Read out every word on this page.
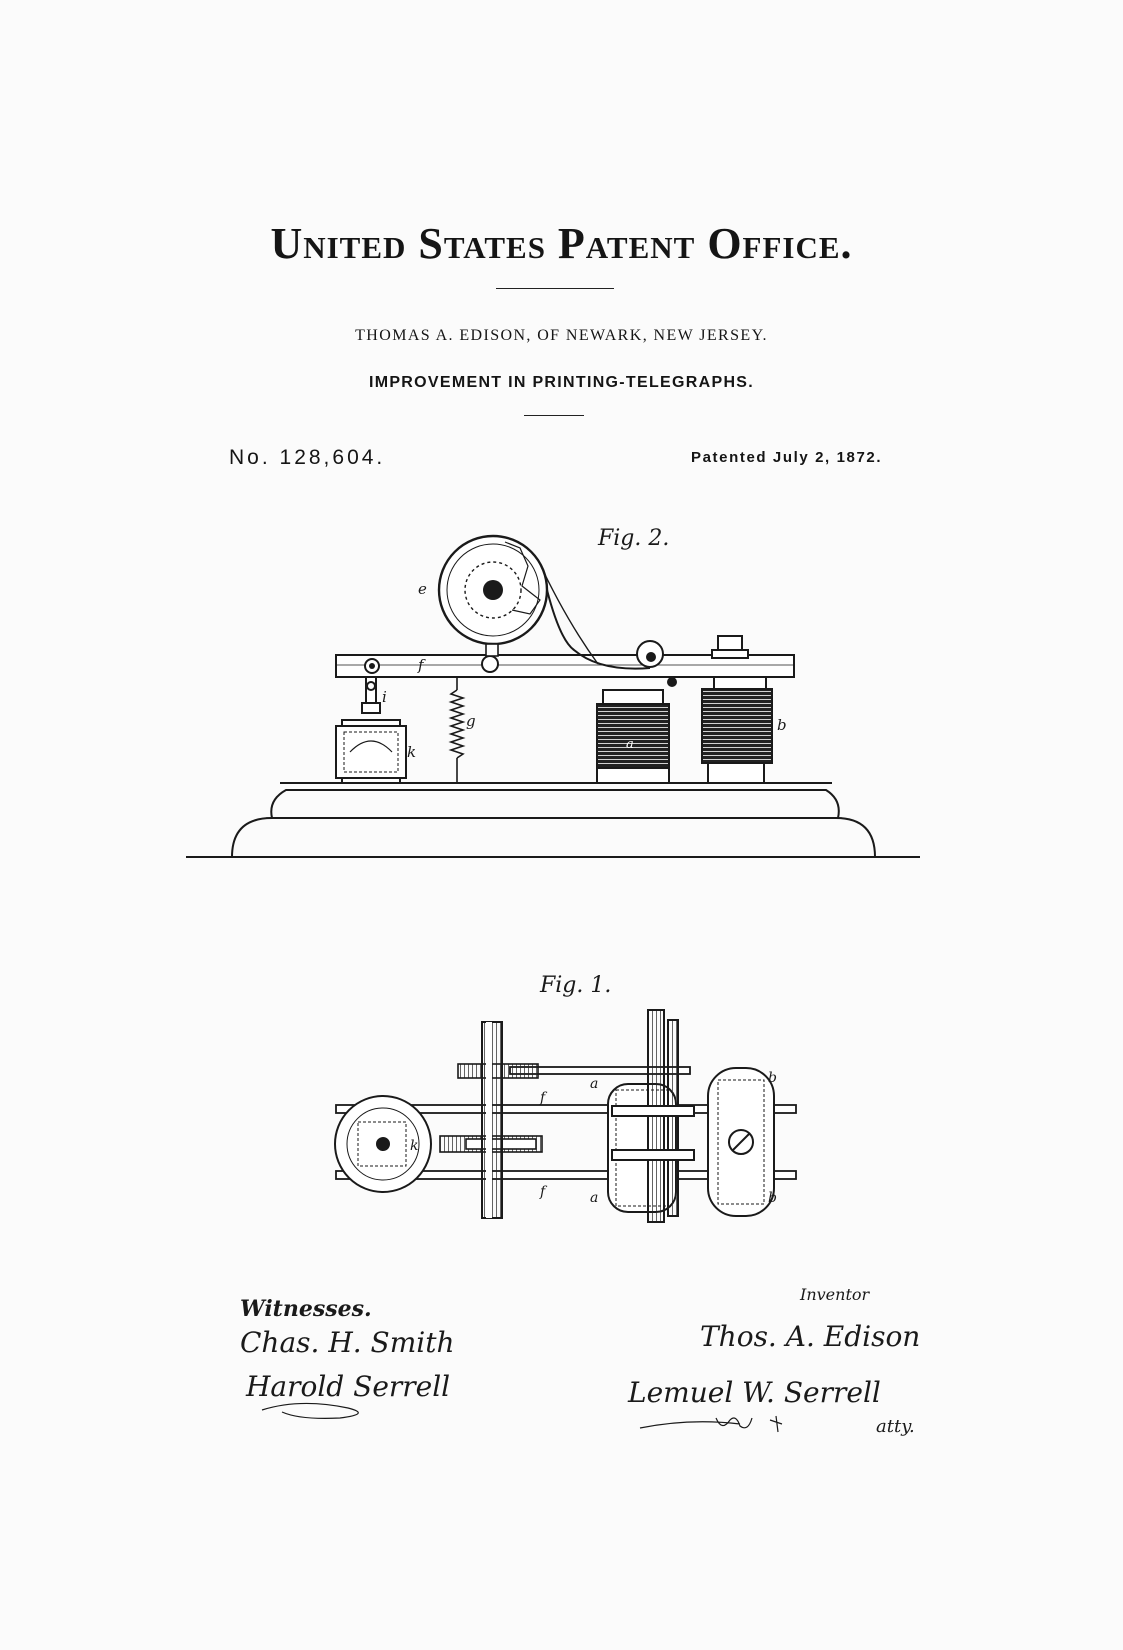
United States Patent Office.
THOMAS A. EDISON, OF NEWARK, NEW JERSEY.
IMPROVEMENT IN PRINTING-TELEGRAPHS.
No. 128,604.	Patented July 2, 1872.
Fig. 2.
e
f
g
i
k
b
a
Fig. 1.
a
a
b
b
f
f
k
Witnesses.
Chas. H. Smith
Harold Serrell
Inventor
Thos. A. Edison
Lemuel W. Serrell
atty.
